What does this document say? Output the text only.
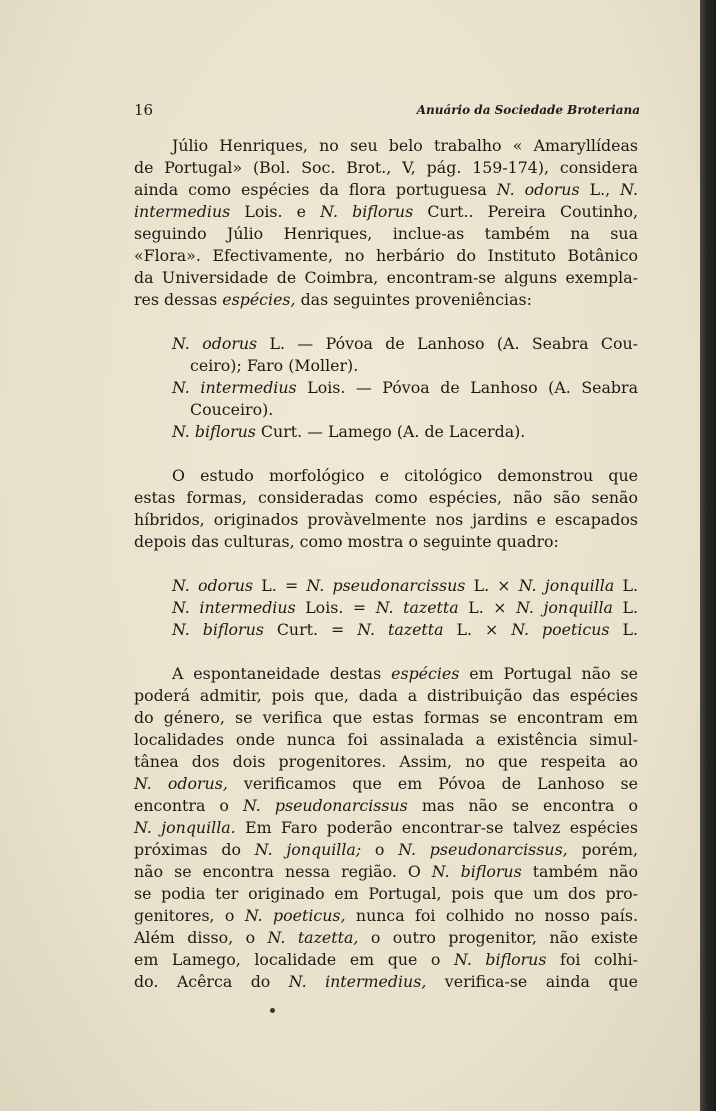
16	Anuário da Sociedade Broteriana
Júlio Henriques, no seu belo trabalho « Amaryllídeas
de Portugal» (Bol. Soc. Brot., V, pág. 159-174), considera
ainda como espécies da flora portuguesa N. odorus L., N.
intermedius Lois. e N. biflorus Curt.. Pereira Coutinho,
seguindo Júlio Henriques, inclue-as também na sua
«Flora». Efectivamente, no herbário do Instituto Botânico
da Universidade de Coimbra, encontram-se alguns exempla-
res dessas espécies, das seguintes proveniências:
N. odorus L. — Póvoa de Lanhoso (A. Seabra Cou-
ceiro); Faro (Moller).
N. intermedius Lois. — Póvoa de Lanhoso (A. Seabra
Couceiro).
N. biflorus Curt. — Lamego (A. de Lacerda).
O estudo morfológico e citológico demonstrou que
estas formas, consideradas como espécies, não são senão
híbridos, originados provàvelmente nos jardins e escapados
depois das culturas, como mostra o seguinte quadro:
N. odorus L. = N. pseudonarcissus L. × N. jonquilla L.
N. intermedius Lois. = N. tazetta L. × N. jonquilla L.
N. biflorus Curt. = N. tazetta L. × N. poeticus L.
A espontaneidade destas espécies em Portugal não se
poderá admitir, pois que, dada a distribuição das espécies
do género, se verifica que estas formas se encontram em
localidades onde nunca foi assinalada a existência simul-
tânea dos dois progenitores. Assim, no que respeita ao
N. odorus, verificamos que em Póvoa de Lanhoso se
encontra o N. pseudonarcissus mas não se encontra o
N. jonquilla. Em Faro poderão encontrar-se talvez espécies
próximas do N. jonquilla; o N. pseudonarcissus, porém,
não se encontra nessa região. O N. biflorus também não
se podia ter originado em Portugal, pois que um dos pro-
genitores, o N. poeticus, nunca foi colhido no nosso país.
Além disso, o N. tazetta, o outro progenitor, não existe
em Lamego, localidade em que o N. biflorus foi colhi-
do. Acêrca do N. intermedius, verifica-se ainda que
